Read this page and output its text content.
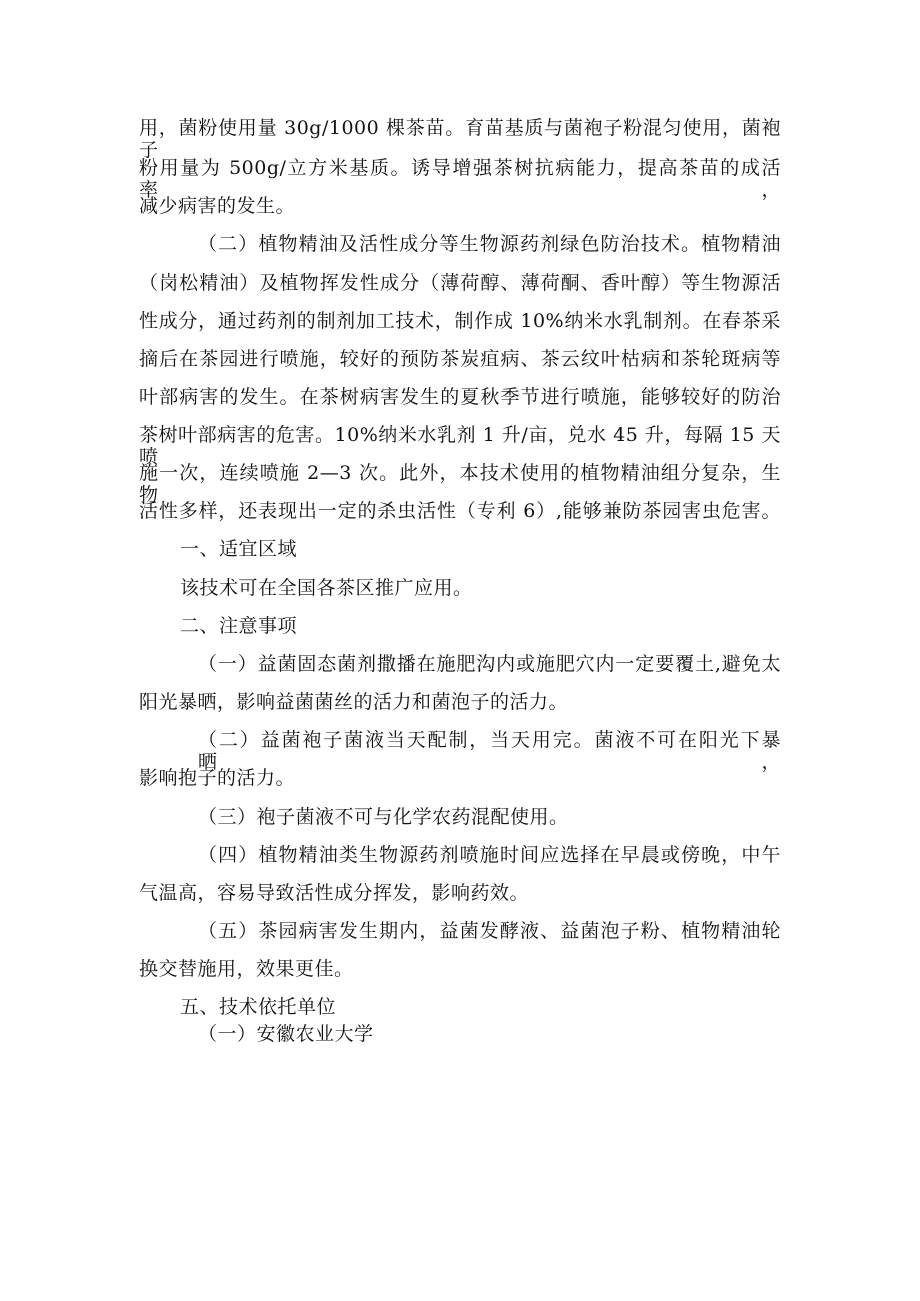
用，菌粉使用量 30g/1000 棵茶苗。育苗基质与菌袍子粉混匀使用，菌袍子
粉用量为 500g/立方米基质。诱导增强茶树抗病能力，提高茶苗的成活率，
减少病害的发生。
（二）植物精油及活性成分等生物源药剂绿色防治技术。植物精油
（岗松精油）及植物挥发性成分（薄荷醇、薄荷酮、香叶醇）等生物源活
性成分，通过药剂的制剂加工技术，制作成 10%纳米水乳制剂。在春茶采
摘后在茶园进行喷施，较好的预防茶炭疽病、茶云纹叶枯病和茶轮斑病等
叶部病害的发生。在茶树病害发生的夏秋季节进行喷施，能够较好的防治
茶树叶部病害的危害。10%纳米水乳剂 1 升/亩，兑水 45 升，每隔 15 天喷
施一次，连续喷施 2—3 次。此外，本技术使用的植物精油组分复杂，生物
活性多样，还表现出一定的杀虫活性（专利 6）,能够兼防茶园害虫危害。
一、适宜区域
该技术可在全国各茶区推广应用。
二、注意事项
（一）益菌固态菌剂撒播在施肥沟内或施肥穴内一定要覆土,避免太
阳光暴晒，影响益菌菌丝的活力和菌泡子的活力。
（二）益菌袍子菌液当天配制，当天用完。菌液不可在阳光下暴晒，
影响抱子的活力。
（三）袍子菌液不可与化学农药混配使用。
（四）植物精油类生物源药剂喷施时间应选择在早晨或傍晚，中午
气温高，容易导致活性成分挥发，影响药效。
（五）茶园病害发生期内，益菌发酵液、益菌泡子粉、植物精油轮
换交替施用，效果更佳。
五、技术依托单位
（一）安徽农业大学
